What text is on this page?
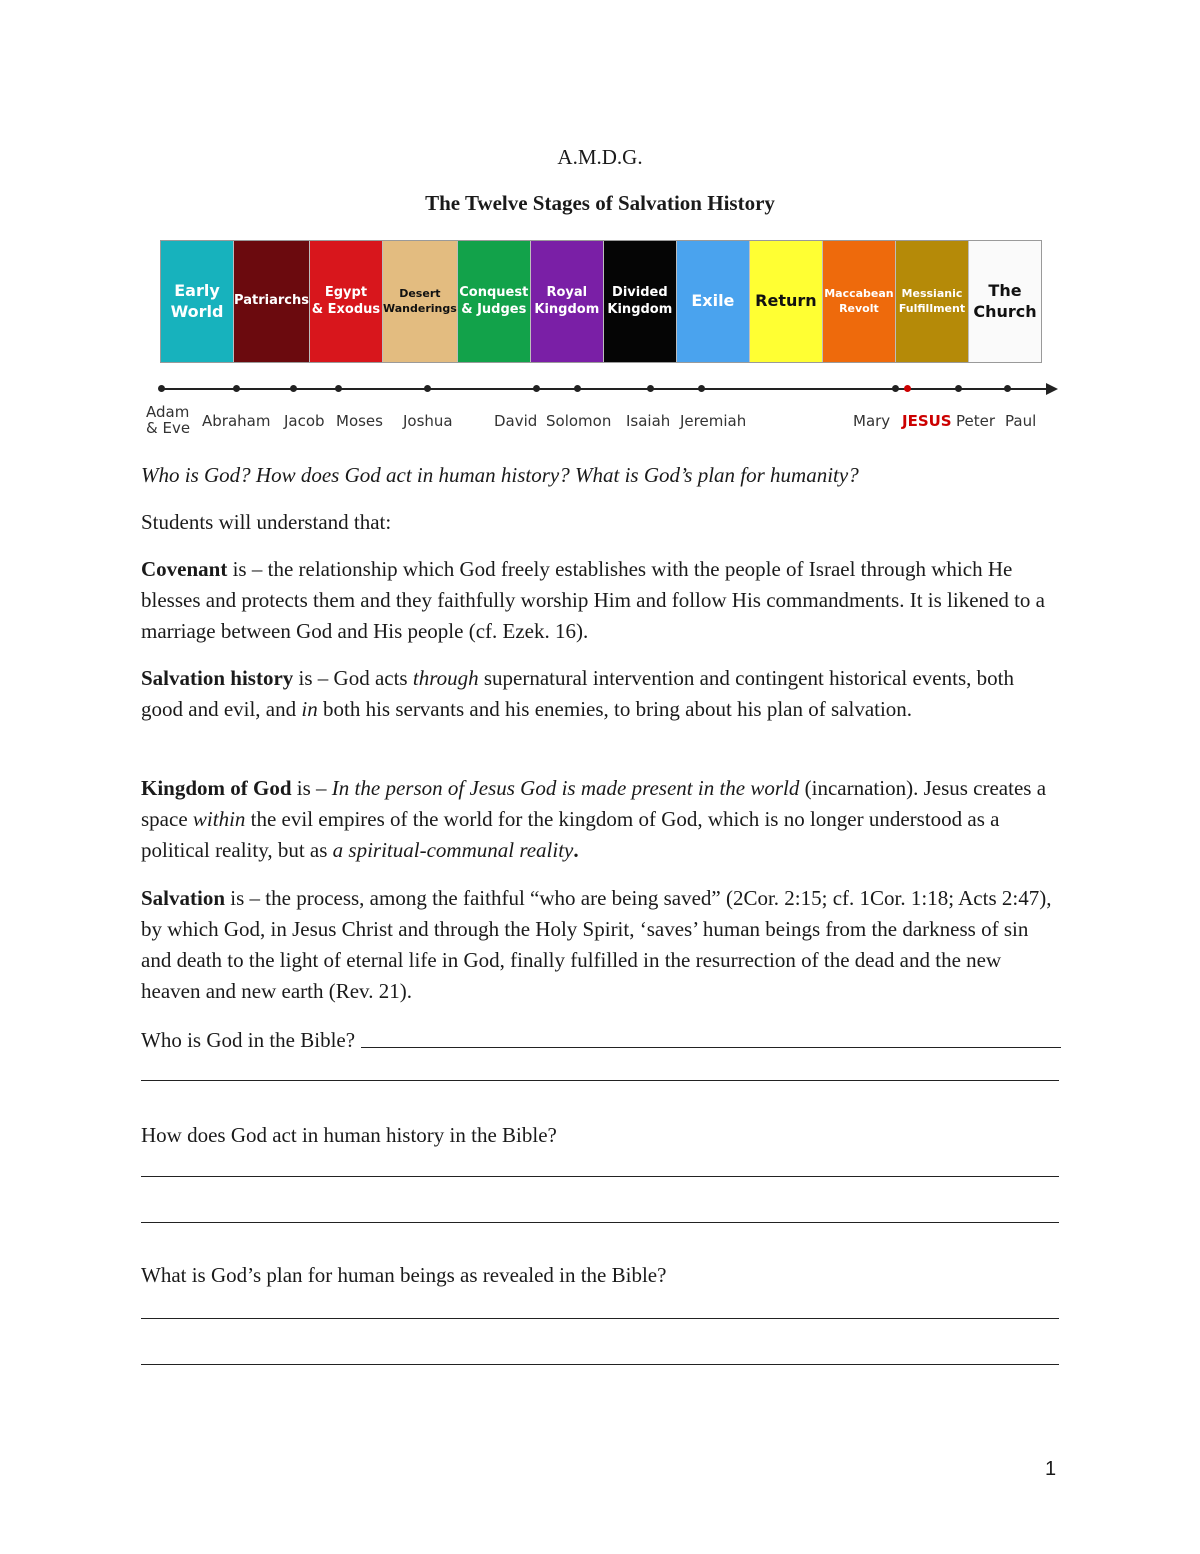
A.M.D.G.
The Twelve Stages of Salvation History
Early
World
Patriarchs
Egypt
& Exodus
Desert
Wanderings
Conquest
& Judges
Royal
Kingdom
Divided
Kingdom Exile Return Maccabean
Revolt
Messianic
Fulfillment
The
Church
Adam
& Eve Abraham Jacob Moses Joshua	David Solomon Isaiah Jeremiah	Mary JESUS Peter Paul
Who is God? How does God act in human history? What is God’s plan for humanity?
Students will understand that:

Covenant is – the relationship which God freely establishes with the people of Israel through which He blesses and protects them and they faithfully worship Him and follow His commandments. It is likened to a marriage between God and His people (cf. Ezek. 16).

Salvation history is – God acts through supernatural intervention and contingent historical events, both good and evil, and in both his servants and his enemies, to bring about his plan of salvation.

Kingdom of God is – In the person of Jesus God is made present in the world (incarnation). Jesus creates a space within the evil empires of the world for the kingdom of God, which is no longer understood as a political reality, but as a spiritual-communal reality.

Salvation is – the process, among the faithful “who are being saved” (2Cor. 2:15; cf. 1Cor. 1:18; Acts 2:47), by which God, in Jesus Christ and through the Holy Spirit, ‘saves’ human beings from the darkness of sin and death to the light of eternal life in God, finally fulfilled in the resurrection of the dead and the new heaven and new earth (Rev. 21).

Who is God in the Bible?
How does God act in human history in the Bible?
What is God’s plan for human beings as revealed in the Bible?
1
